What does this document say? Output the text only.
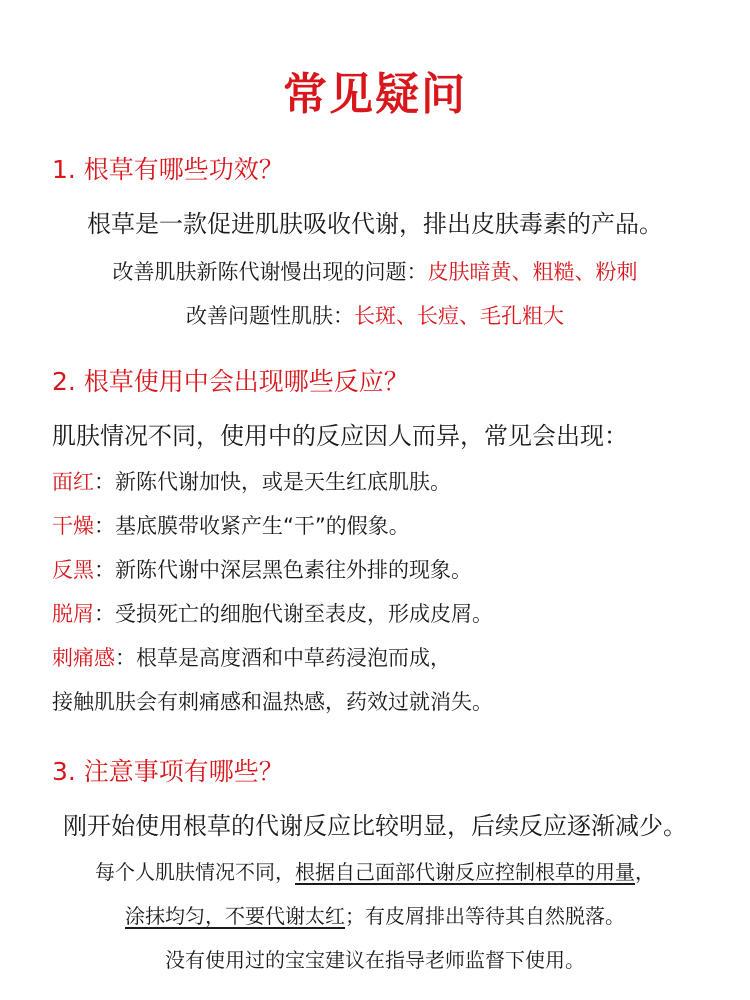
常见疑问
1. 根草有哪些功效？
根草是一款促进肌肤吸收代谢，排出皮肤毒素的产品。
改善肌肤新陈代谢慢出现的问题：皮肤暗黄、粗糙、粉刺
改善问题性肌肤：长斑、长痘、毛孔粗大
2. 根草使用中会出现哪些反应？
肌肤情况不同，使用中的反应因人而异，常见会出现：
面红：新陈代谢加快，或是天生红底肌肤。
干燥：基底膜带收紧产生“干”的假象。
反黑：新陈代谢中深层黑色素往外排的现象。
脱屑：受损死亡的细胞代谢至表皮，形成皮屑。
刺痛感：根草是高度酒和中草药浸泡而成，
接触肌肤会有刺痛感和温热感，药效过就消失。
3. 注意事项有哪些？
刚开始使用根草的代谢反应比较明显，后续反应逐渐减少。
每个人肌肤情况不同，根据自己面部代谢反应控制根草的用量，
涂抹均匀，不要代谢太红；有皮屑排出等待其自然脱落。
没有使用过的宝宝建议在指导老师监督下使用。
